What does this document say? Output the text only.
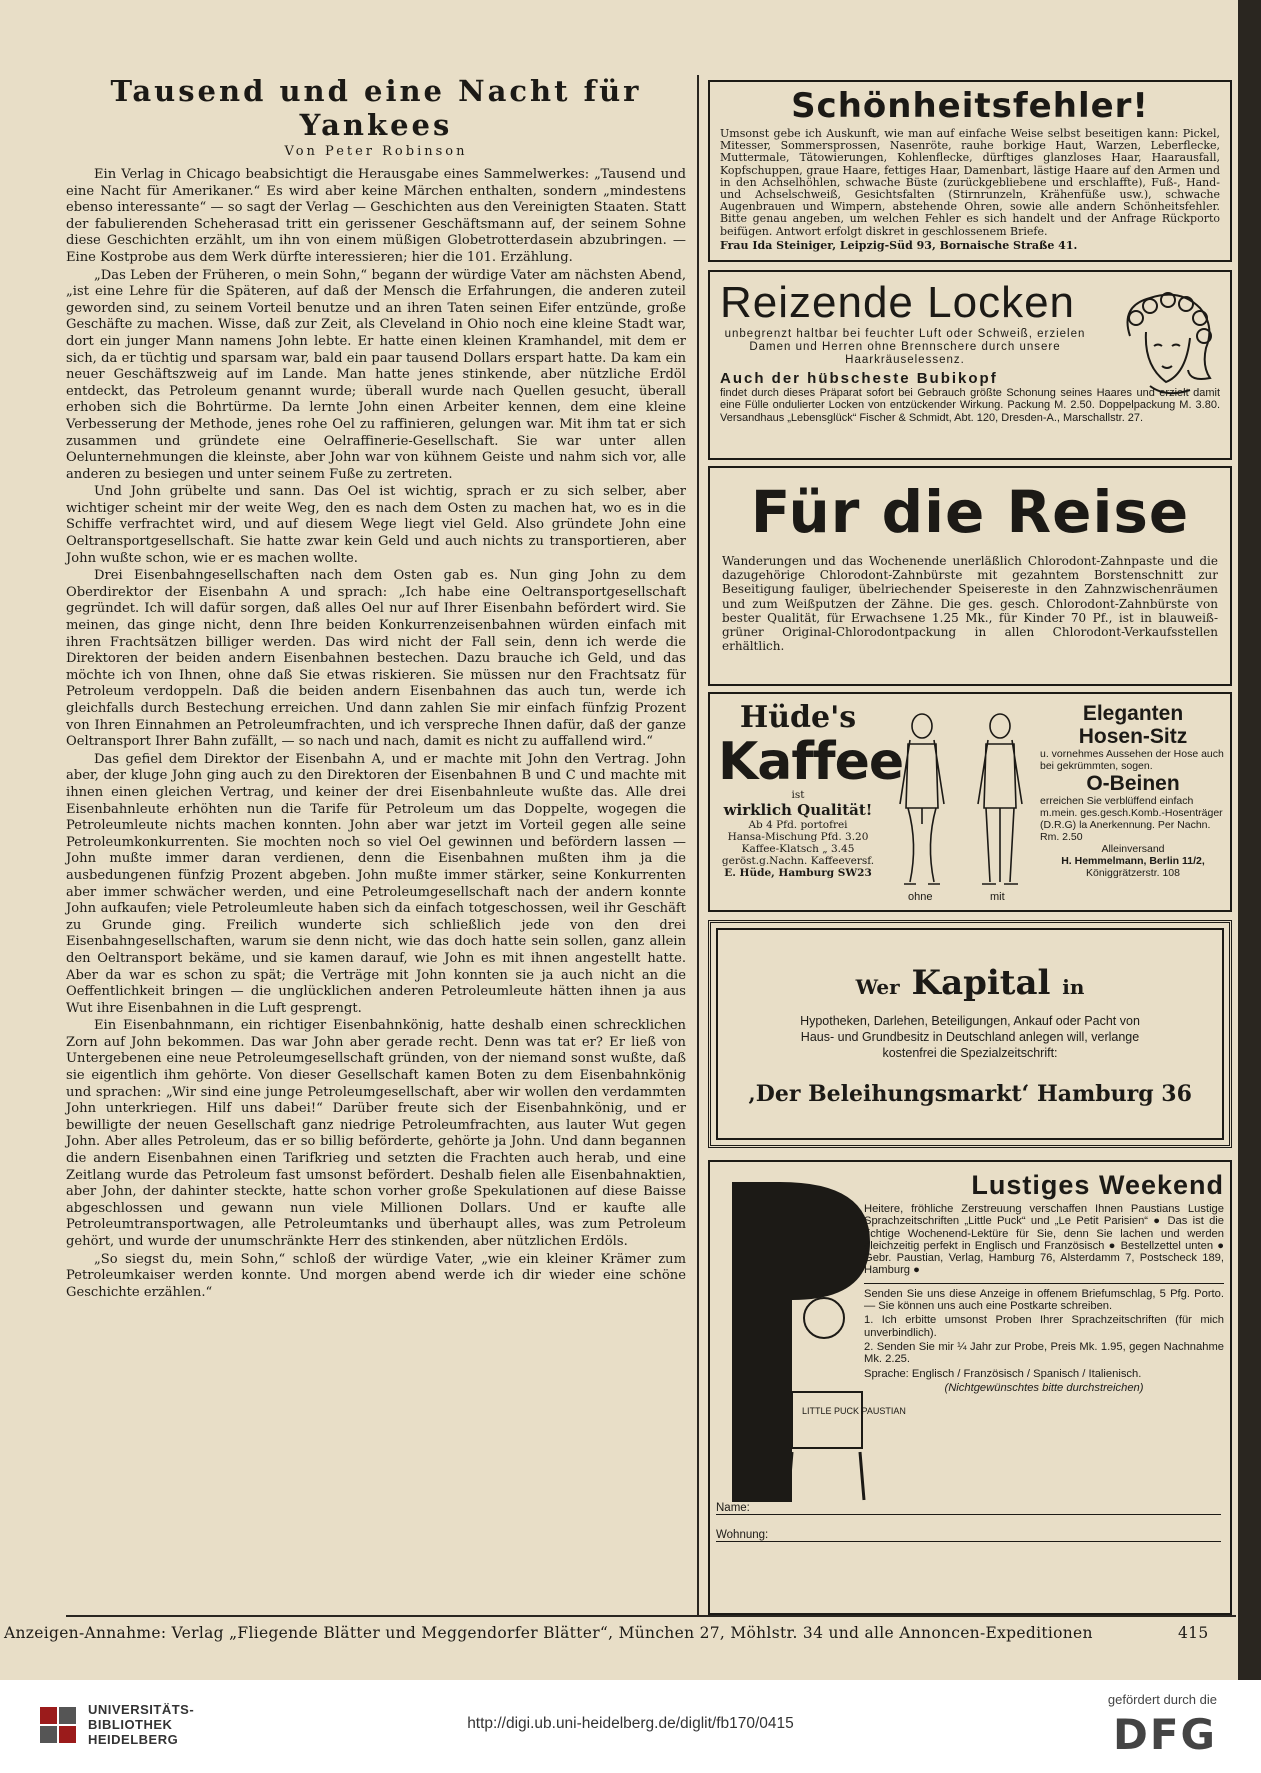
Tausend und eine Nacht für Yankees
Von Peter Robinson

Ein Verlag in Chicago beabsichtigt die Herausgabe eines Sammelwerkes: „Tausend und eine Nacht für Amerikaner.“ Es wird aber keine Märchen enthalten, sondern „mindestens ebenso interessante“ — so sagt der Verlag — Geschichten aus den Vereinigten Staaten. Statt der fabulierenden Scheherasad tritt ein gerissener Geschäftsmann auf, der seinem Sohne diese Geschichten erzählt, um ihn von einem müßigen Globetrotterdasein abzubringen. — Eine Kostprobe aus dem Werk dürfte interessieren; hier die 101. Erzählung.

„Das Leben der Früheren, o mein Sohn,“ begann der würdige Vater am nächsten Abend, „ist eine Lehre für die Späteren, auf daß der Mensch die Erfahrungen, die anderen zuteil geworden sind, zu seinem Vorteil benutze und an ihren Taten seinen Eifer entzünde, große Geschäfte zu machen. Wisse, daß zur Zeit, als Cleveland in Ohio noch eine kleine Stadt war, dort ein junger Mann namens John lebte. Er hatte einen kleinen Kramhandel, mit dem er sich, da er tüchtig und sparsam war, bald ein paar tausend Dollars erspart hatte. Da kam ein neuer Geschäftszweig auf im Lande. Man hatte jenes stinkende, aber nützliche Erdöl entdeckt, das Petroleum genannt wurde; überall wurde nach Quellen gesucht, überall erhoben sich die Bohrtürme. Da lernte John einen Arbeiter kennen, dem eine kleine Verbesserung der Methode, jenes rohe Oel zu raffinieren, gelungen war. Mit ihm tat er sich zusammen und gründete eine Oelraffinerie-Gesellschaft. Sie war unter allen Oelunternehmungen die kleinste, aber John war von kühnem Geiste und nahm sich vor, alle anderen zu besiegen und unter seinem Fuße zu zertreten.

Und John grübelte und sann. Das Oel ist wichtig, sprach er zu sich selber, aber wichtiger scheint mir der weite Weg, den es nach dem Osten zu machen hat, wo es in die Schiffe verfrachtet wird, und auf diesem Wege liegt viel Geld. Also gründete John eine Oeltransportgesellschaft. Sie hatte zwar kein Geld und auch nichts zu transportieren, aber John wußte schon, wie er es machen wollte.

Drei Eisenbahngesellschaften nach dem Osten gab es. Nun ging John zu dem Oberdirektor der Eisenbahn A und sprach: „Ich habe eine Oeltransportgesellschaft gegründet. Ich will dafür sorgen, daß alles Oel nur auf Ihrer Eisenbahn befördert wird. Sie meinen, das ginge nicht, denn Ihre beiden Konkurrenzeisenbahnen würden einfach mit ihren Frachtsätzen billiger werden. Das wird nicht der Fall sein, denn ich werde die Direktoren der beiden andern Eisenbahnen bestechen. Dazu brauche ich Geld, und das möchte ich von Ihnen, ohne daß Sie etwas riskieren. Sie müssen nur den Frachtsatz für Petroleum verdoppeln. Daß die beiden andern Eisenbahnen das auch tun, werde ich gleichfalls durch Bestechung erreichen. Und dann zahlen Sie mir einfach fünfzig Prozent von Ihren Einnahmen an Petroleumfrachten, und ich verspreche Ihnen dafür, daß der ganze Oeltransport Ihrer Bahn zufällt, — so nach und nach, damit es nicht zu auffallend wird.“

Das gefiel dem Direktor der Eisenbahn A, und er machte mit John den Vertrag. John aber, der kluge John ging auch zu den Direktoren der Eisenbahnen B und C und machte mit ihnen einen gleichen Vertrag, und keiner der drei Eisenbahnleute wußte das. Alle drei Eisenbahnleute erhöhten nun die Tarife für Petroleum um das Doppelte, wogegen die Petroleumleute nichts machen konnten. John aber war jetzt im Vorteil gegen alle seine Petroleumkonkurrenten. Sie mochten noch so viel Oel gewinnen und befördern lassen — John mußte immer daran verdienen, denn die Eisenbahnen mußten ihm ja die ausbedungenen fünfzig Prozent abgeben. John mußte immer stärker, seine Konkurrenten aber immer schwächer werden, und eine Petroleumgesellschaft nach der andern konnte John aufkaufen; viele Petroleumleute haben sich da einfach totgeschossen, weil ihr Geschäft zu Grunde ging. Freilich wunderte sich schließlich jede von den drei Eisenbahngesellschaften, warum sie denn nicht, wie das doch hatte sein sollen, ganz allein den Oeltransport bekäme, und sie kamen darauf, wie John es mit ihnen angestellt hatte. Aber da war es schon zu spät; die Verträge mit John konnten sie ja auch nicht an die Oeffentlichkeit bringen — die unglücklichen anderen Petroleumleute hätten ihnen ja aus Wut ihre Eisenbahnen in die Luft gesprengt.

Ein Eisenbahnmann, ein richtiger Eisenbahnkönig, hatte deshalb einen schrecklichen Zorn auf John bekommen. Das war John aber gerade recht. Denn was tat er? Er ließ von Untergebenen eine neue Petroleumgesellschaft gründen, von der niemand sonst wußte, daß sie eigentlich ihm gehörte. Von dieser Gesellschaft kamen Boten zu dem Eisenbahnkönig und sprachen: „Wir sind eine junge Petroleumgesellschaft, aber wir wollen den verdammten John unterkriegen. Hilf uns dabei!“ Darüber freute sich der Eisenbahnkönig, und er bewilligte der neuen Gesellschaft ganz niedrige Petroleumfrachten, aus lauter Wut gegen John. Aber alles Petroleum, das er so billig beförderte, gehörte ja John. Und dann begannen die andern Eisenbahnen einen Tarifkrieg und setzten die Frachten auch herab, und eine Zeitlang wurde das Petroleum fast umsonst befördert. Deshalb fielen alle Eisenbahnaktien, aber John, der dahinter steckte, hatte schon vorher große Spekulationen auf diese Baisse abgeschlossen und gewann nun viele Millionen Dollars. Und er kaufte alle Petroleumtransportwagen, alle Petroleumtanks und überhaupt alles, was zum Petroleum gehört, und wurde der unumschränkte Herr des stinkenden, aber nützlichen Erdöls.

„So siegst du, mein Sohn,“ schloß der würdige Vater, „wie ein kleiner Krämer zum Petroleumkaiser werden konnte. Und morgen abend werde ich dir wieder eine schöne Geschichte erzählen.“

Schönheitsfehler!

Umsonst gebe ich Auskunft, wie man auf einfache Weise selbst beseitigen kann: Pickel, Mitesser, Sommersprossen, Nasenröte, rauhe borkige Haut, Warzen, Leberflecke, Muttermale, Tätowierungen, Kohlenflecke, dürftiges glanzloses Haar, Haarausfall, Kopfschuppen, graue Haare, fettiges Haar, Damenbart, lästige Haare auf den Armen und in den Achselhöhlen, schwache Büste (zurückgebliebene und erschlaffte), Fuß-, Hand- und Achselschweiß, Gesichtsfalten (Stirnrunzeln, Krähenfüße usw.), schwache Augenbrauen und Wimpern, abstehende Ohren, sowie alle andern Schönheitsfehler. Bitte genau angeben, um welchen Fehler es sich handelt und der Anfrage Rückporto beifügen. Antwort erfolgt diskret in geschlossenem Briefe.

Frau Ida Steiniger, Leipzig-Süd 93, Bornaische Straße 41.

Reizende Locken
unbegrenzt haltbar bei feuchter Luft oder Schweiß, erzielen Damen und Herren ohne Brennschere durch unsere Haarkräuselessenz.
Auch der hübscheste Bubikopf
findet durch dieses Präparat sofort bei Gebrauch größte Schonung seines Haares und erzielt damit eine Fülle ondulierter Locken von entzückender Wirkung. Packung M. 2.50. Doppelpackung M. 3.80. Versandhaus „Lebensglück“ Fischer & Schmidt, Abt. 120, Dresden-A., Marschallstr. 27.
Für die Reise

Wanderungen und das Wochenende unerläßlich Chlorodont-Zahnpaste und die dazugehörige Chlorodont-Zahnbürste mit gezahntem Borstenschnitt zur Beseitigung fauliger, übelriechender Speisereste in den Zahnzwischenräumen und zum Weißputzen der Zähne. Die ges. gesch. Chlorodont-Zahnbürste von bester Qualität, für Erwachsene 1.25 Mk., für Kinder 70 Pf., ist in blauweiß-grüner Original-Chlorodontpackung in allen Chlorodont-Verkaufsstellen erhältlich.

Hüde's
Kaffee
ist
wirklich Qualität!
Ab 4 Pfd. portofrei
Hansa-Mischung Pfd. 3.20
Kaffee-Klatsch „ 3.45
geröst.g.Nachn. Kaffeeversf.
E. Hüde, Hamburg SW23
ohne	mit
Eleganten
Hosen-Sitz
u. vornehmes Aussehen der Hose auch bei gekrümmten, sogen.
O-Beinen
erreichen Sie verblüffend einfach m.mein. ges.gesch.Komb.-Hosenträger (D.R.G) la Anerkennung. Per Nachn. Rm. 2.50
Alleinversand
H. Hemmelmann, Berlin 11/2,
Königgrätzerstr. 108
Wer Kapital in
Hypotheken, Darlehen, Beteiligungen, Ankauf oder Pacht von Haus- und Grundbesitz in Deutschland anlegen will, verlange kostenfrei die Spezialzeitschrift:
‚Der Beleihungsmarkt‘ Hamburg 36
LITTLE PUCK PAUSTIAN
Lustiges Weekend

Heitere, fröhliche Zerstreuung verschaffen Ihnen Paustians Lustige Sprachzeitschriften „Little Puck“ und „Le Petit Parisien“ ● Das ist die richtige Wochenend-Lektüre für Sie, denn Sie lachen und werden gleichzeitig perfekt in Englisch und Französisch ● Bestellzettel unten ● Gebr. Paustian, Verlag, Hamburg 76, Alsterdamm 7, Postscheck 189, Hamburg ●

Senden Sie uns diese Anzeige in offenem Briefumschlag, 5 Pfg. Porto. — Sie können uns auch eine Postkarte schreiben.

1. Ich erbitte umsonst Proben Ihrer Sprachzeitschriften (für mich unverbindlich).

2. Senden Sie mir ¼ Jahr zur Probe, Preis Mk. 1.95, gegen Nachnahme Mk. 2.25.

Sprache: Englisch / Französisch / Spanisch / Italienisch.

(Nichtgewünschtes bitte durchstreichen)

Name:
Wohnung:
Anzeigen-Annahme: Verlag „Fliegende Blätter und Meggendorfer Blätter“, München 27, Möhlstr. 34 und alle Annoncen-Expeditionen	415
UNIVERSITÄTS-
BIBLIOTHEK
HEIDELBERG
http://digi.ub.uni-heidelberg.de/diglit/fb170/0415
gefördert durch die
DFG
